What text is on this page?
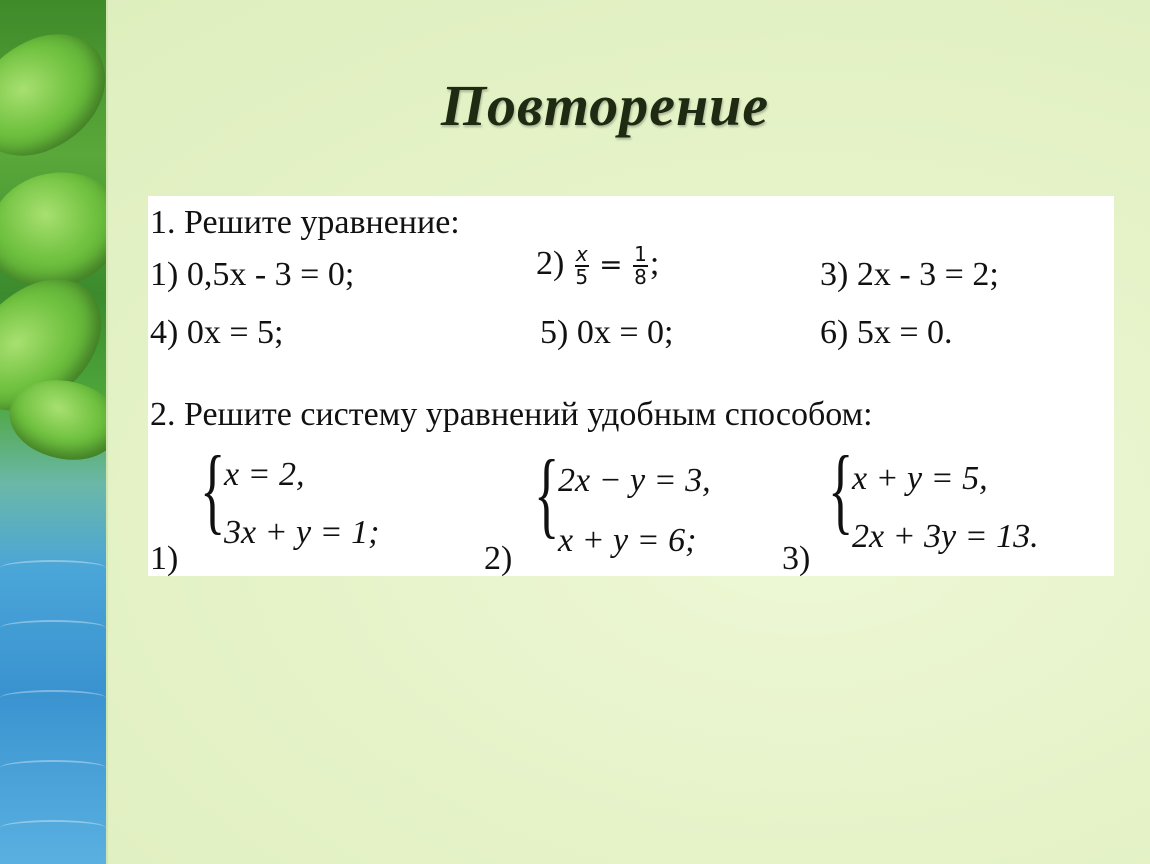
Повторение
1. Решите уравнение:
1) 0,5x - 3 = 0;	$2) \frac{x}{5} = \frac{1}{8}$ ;	3) 2x - 3 = 2;
4) 0x = 5;	5) 0x = 0;	6) 5x = 0.
2. Решите систему уравнений удобным способом:
1)
{
x = 2,
3x + y = 1;
2)
{
2x − y = 3,
x + y = 6;	3)
{
x + y = 5,
2x + 3y = 13.
